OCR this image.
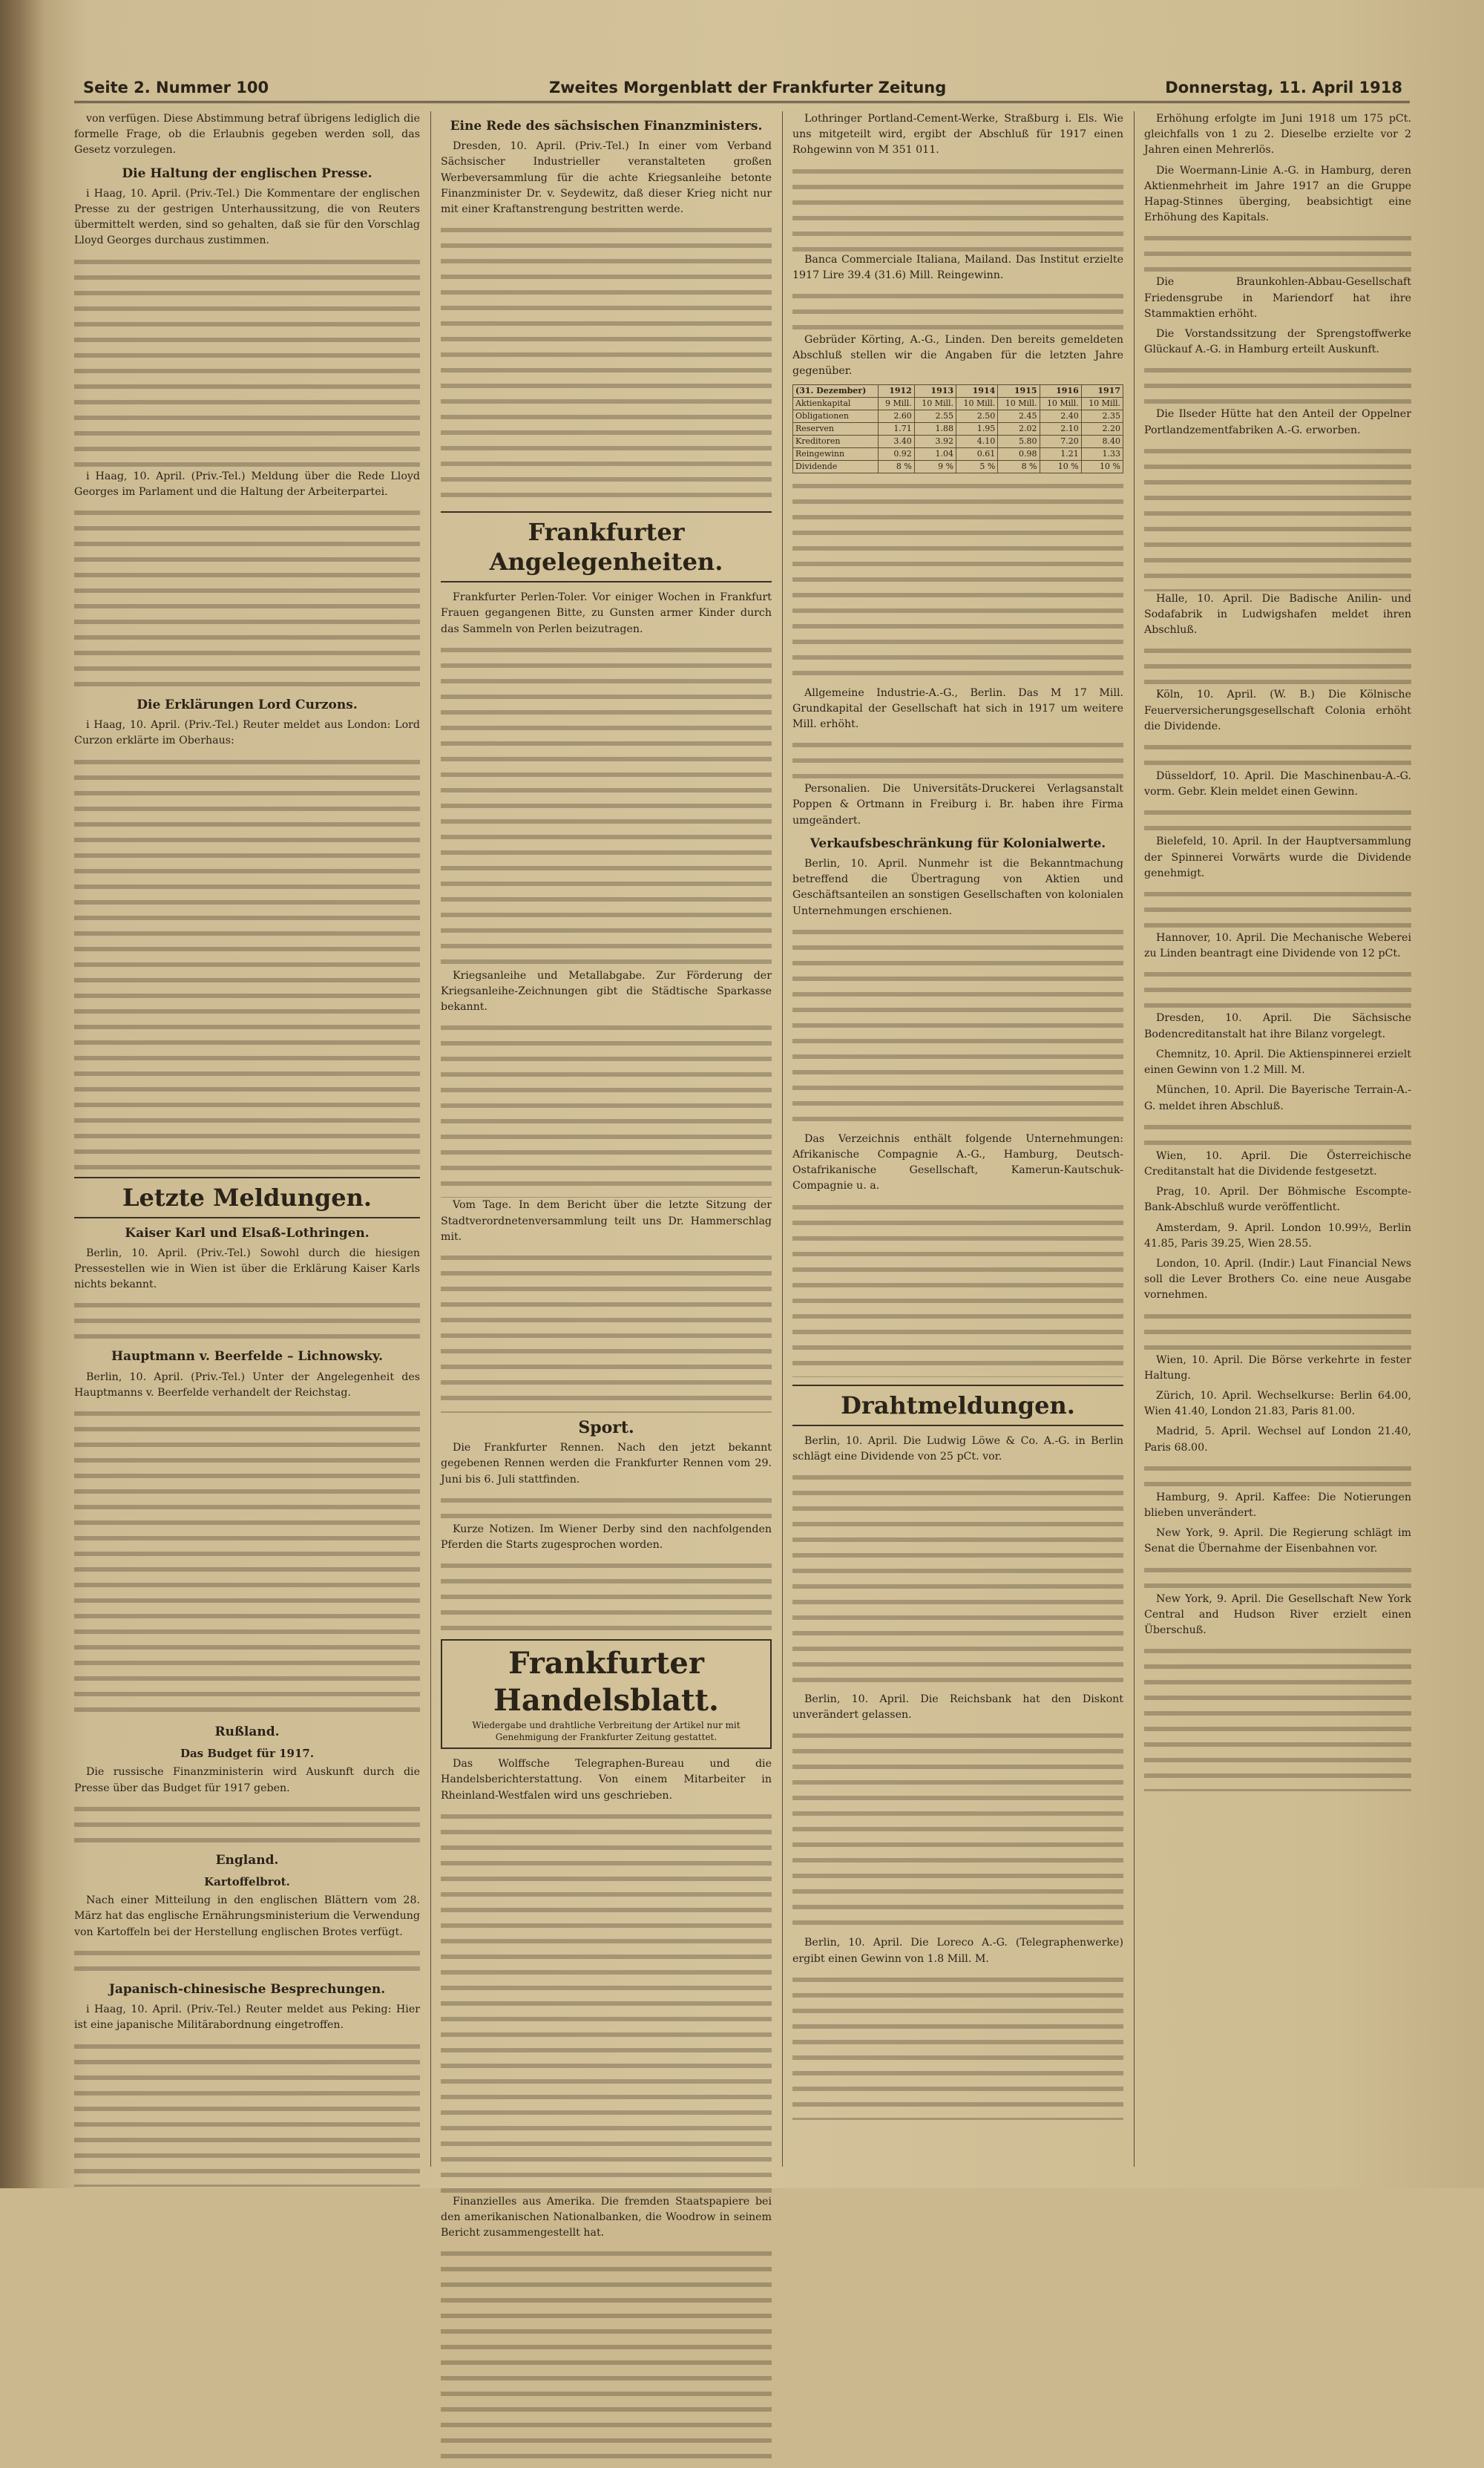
Seite 2. Nummer 100	Zweites Morgenblatt der Frankfurter Zeitung	Donnerstag, 11. April 1918

von verfügen. Diese Abstimmung betraf übrigens lediglich die formelle Frage, ob die Erlaubnis gegeben werden soll, das Gesetz vorzulegen.

Die Haltung der englischen Presse.

i Haag, 10. April. (Priv.-Tel.) Die Kommentare der englischen Presse zu der gestrigen Unterhaussitzung, die von Reuters übermittelt werden, sind so gehalten, daß sie für den Vorschlag Lloyd Georges durchaus zustimmen.

i Haag, 10. April. (Priv.-Tel.) Meldung über die Rede Lloyd Georges im Parlament und die Haltung der Arbeiterpartei.

Die Erklärungen Lord Curzons.

i Haag, 10. April. (Priv.-Tel.) Reuter meldet aus London: Lord Curzon erklärte im Oberhaus:

Letzte Meldungen.
Kaiser Karl und Elsaß-Lothringen.

Berlin, 10. April. (Priv.-Tel.) Sowohl durch die hiesigen Pressestellen wie in Wien ist über die Erklärung Kaiser Karls nichts bekannt.

Hauptmann v. Beerfelde – Lichnowsky.

Berlin, 10. April. (Priv.-Tel.) Unter der Angelegenheit des Hauptmanns v. Beerfelde verhandelt der Reichstag.

Rußland.
Das Budget für 1917.

Die russische Finanzministerin wird Auskunft durch die Presse über das Budget für 1917 geben.

England.
Kartoffelbrot.

Nach einer Mitteilung in den englischen Blättern vom 28. März hat das englische Ernährungsministerium die Verwendung von Kartoffeln bei der Herstellung englischen Brotes verfügt.

Japanisch-chinesische Besprechungen.

i Haag, 10. April. (Priv.-Tel.) Reuter meldet aus Peking: Hier ist eine japanische Militärabordnung eingetroffen.

Eine Rede des sächsischen Finanzministers.

Dresden, 10. April. (Priv.-Tel.) In einer vom Verband Sächsischer Industrieller veranstalteten großen Werbeversammlung für die achte Kriegsanleihe betonte Finanzminister Dr. v. Seydewitz, daß dieser Krieg nicht nur mit einer Kraftanstrengung bestritten werde.

Frankfurter Angelegenheiten.

Frankfurter Perlen-Toler. Vor einiger Wochen in Frankfurt Frauen gegangenen Bitte, zu Gunsten armer Kinder durch das Sammeln von Perlen beizutragen.

Kriegsanleihe und Metallabgabe. Zur Förderung der Kriegsanleihe-Zeichnungen gibt die Städtische Sparkasse bekannt.

Vom Tage. In dem Bericht über die letzte Sitzung der Stadtverordnetenversammlung teilt uns Dr. Hammerschlag mit.

Sport.

Die Frankfurter Rennen. Nach den jetzt bekannt gegebenen Rennen werden die Frankfurter Rennen vom 29. Juni bis 6. Juli stattfinden.

Kurze Notizen. Im Wiener Derby sind den nachfolgenden Pferden die Starts zugesprochen worden.

Frankfurter Handelsblatt.
Wiedergabe und drahtliche Verbreitung der Artikel nur mit Genehmigung der Frankfurter Zeitung gestattet.

Das Wolffsche Telegraphen-Bureau und die Handelsberichterstattung. Von einem Mitarbeiter in Rheinland-Westfalen wird uns geschrieben.

Finanzielles aus Amerika. Die fremden Staatspapiere bei den amerikanischen Nationalbanken, die Woodrow in seinem Bericht zusammengestellt hat.

Lothringer Portland-Cement-Werke, Straßburg i. Els. Wie uns mitgeteilt wird, ergibt der Abschluß für 1917 einen Rohgewinn von M 351 011.

Banca Commerciale Italiana, Mailand. Das Institut erzielte 1917 Lire 39.4 (31.6) Mill. Reingewinn.

Gebrüder Körting, A.-G., Linden. Den bereits gemeldeten Abschluß stellen wir die Angaben für die letzten Jahre gegenüber.

(31. Dezember)	1912	1913	1914	1915	1916	1917
Aktienkapital	9 Mill.	10 Mill.	10 Mill.	10 Mill.	10 Mill.	10 Mill.
Obligationen	2.60	2.55	2.50	2.45	2.40	2.35
Reserven	1.71	1.88	1.95	2.02	2.10	2.20
Kreditoren	3.40	3.92	4.10	5.80	7.20	8.40
Reingewinn	0.92	1.04	0.61	0.98	1.21	1.33
Dividende	8 %	9 %	5 %	8 %	10 %	10 %

Allgemeine Industrie-A.-G., Berlin. Das M 17 Mill. Grundkapital der Gesellschaft hat sich in 1917 um weitere Mill. erhöht.

Personalien. Die Universitäts-Druckerei Verlagsanstalt Poppen & Ortmann in Freiburg i. Br. haben ihre Firma umgeändert.

Verkaufsbeschränkung für Kolonialwerte.

Berlin, 10. April. Nunmehr ist die Bekanntmachung betreffend die Übertragung von Aktien und Geschäftsanteilen an sonstigen Gesellschaften von kolonialen Unternehmungen erschienen.

Das Verzeichnis enthält folgende Unternehmungen: Afrikanische Compagnie A.-G., Hamburg, Deutsch-Ostafrikanische Gesellschaft, Kamerun-Kautschuk-Compagnie u. a.

Drahtmeldungen.

Berlin, 10. April. Die Ludwig Löwe & Co. A.-G. in Berlin schlägt eine Dividende von 25 pCt. vor.

Berlin, 10. April. Die Reichsbank hat den Diskont unverändert gelassen.

Berlin, 10. April. Die Loreco A.-G. (Telegraphenwerke) ergibt einen Gewinn von 1.8 Mill. M.

Erhöhung erfolgte im Juni 1918 um 175 pCt. gleichfalls von 1 zu 2. Dieselbe erzielte vor 2 Jahren einen Mehrerlös.

Die Woermann-Linie A.-G. in Hamburg, deren Aktienmehrheit im Jahre 1917 an die Gruppe Hapag-Stinnes überging, beabsichtigt eine Erhöhung des Kapitals.

Die Braunkohlen-Abbau-Gesellschaft Friedensgrube in Mariendorf hat ihre Stammaktien erhöht.

Die Vorstandssitzung der Sprengstoffwerke Glückauf A.-G. in Hamburg erteilt Auskunft.

Die Ilseder Hütte hat den Anteil der Oppelner Portlandzementfabriken A.-G. erworben.

Halle, 10. April. Die Badische Anilin- und Sodafabrik in Ludwigshafen meldet ihren Abschluß.

Köln, 10. April. (W. B.) Die Kölnische Feuerversicherungsgesellschaft Colonia erhöht die Dividende.

Düsseldorf, 10. April. Die Maschinenbau-A.-G. vorm. Gebr. Klein meldet einen Gewinn.

Bielefeld, 10. April. In der Hauptversammlung der Spinnerei Vorwärts wurde die Dividende genehmigt.

Hannover, 10. April. Die Mechanische Weberei zu Linden beantragt eine Dividende von 12 pCt.

Dresden, 10. April. Die Sächsische Bodencreditanstalt hat ihre Bilanz vorgelegt.

Chemnitz, 10. April. Die Aktienspinnerei erzielt einen Gewinn von 1.2 Mill. M.

München, 10. April. Die Bayerische Terrain-A.-G. meldet ihren Abschluß.

Wien, 10. April. Die Österreichische Creditanstalt hat die Dividende festgesetzt.

Prag, 10. April. Der Böhmische Escompte-Bank-Abschluß wurde veröffentlicht.

Amsterdam, 9. April. London 10.99½, Berlin 41.85, Paris 39.25, Wien 28.55.

London, 10. April. (Indir.) Laut Financial News soll die Lever Brothers Co. eine neue Ausgabe vornehmen.

Wien, 10. April. Die Börse verkehrte in fester Haltung.

Zürich, 10. April. Wechselkurse: Berlin 64.00, Wien 41.40, London 21.83, Paris 81.00.

Madrid, 5. April. Wechsel auf London 21.40, Paris 68.00.

Hamburg, 9. April. Kaffee: Die Notierungen blieben unverändert.

New York, 9. April. Die Regierung schlägt im Senat die Übernahme der Eisenbahnen vor.

New York, 9. April. Die Gesellschaft New York Central and Hudson River erzielt einen Überschuß.
